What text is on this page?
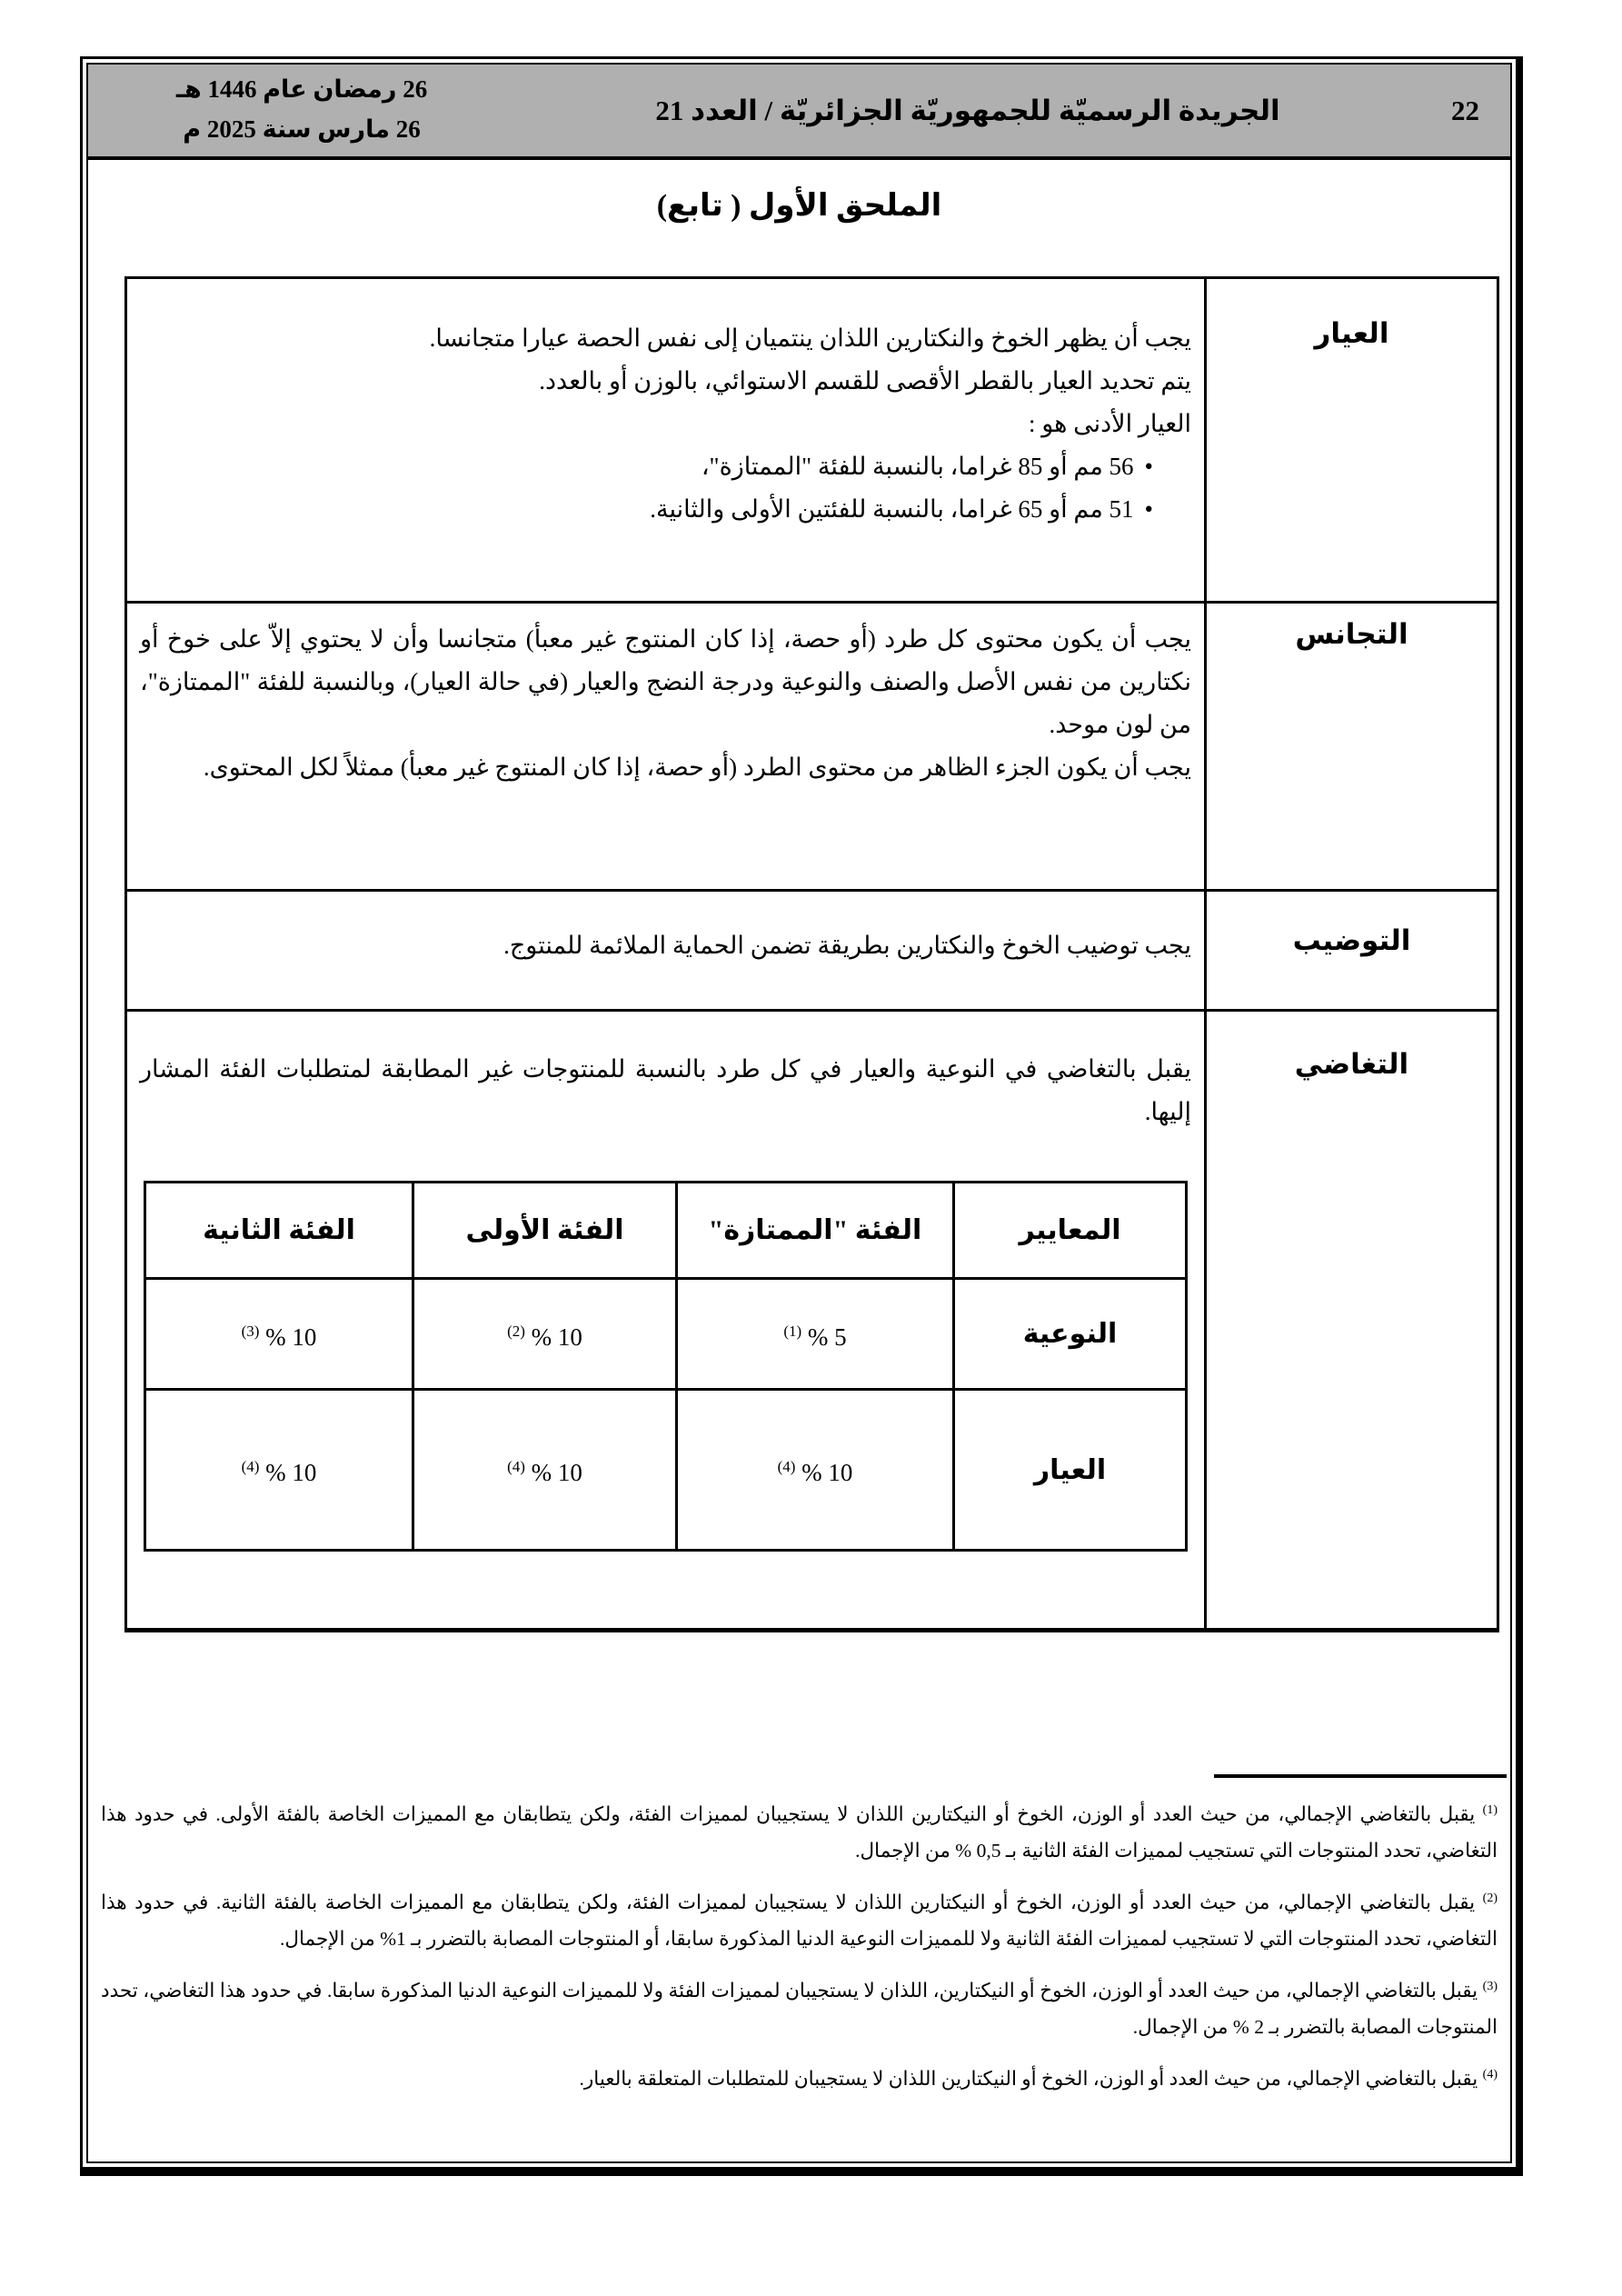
22
الجريدة الرسميّة للجمهوريّة الجزائريّة / العدد 21
26 رمضان عام 1446 هـ
26 مارس سنة 2025 م
الملحق الأول ( تابع)
العيار	

يجب أن يظهر الخوخ والنكتارين اللذان ينتميان إلى نفس الحصة عيارا متجانسا.

يتم تحديد العيار بالقطر الأقصى للقسم الاستوائي، بالوزن أو بالعدد.

العيار الأدنى هو :

•56 مم أو 85 غراما، بالنسبة للفئة "الممتازة"،
•51 مم أو 65 غراما، بالنسبة للفئتين الأولى والثانية.

التجانس	

يجب أن يكون محتوى كل طرد (أو حصة، إذا كان المنتوج غير معبأ) متجانسا وأن لا يحتوي إلاّ على خوخ أو نكتارين من نفس الأصل والصنف والنوعية ودرجة النضج والعيار (في حالة العيار)، وبالنسبة للفئة "الممتازة"، من لون موحد.

يجب أن يكون الجزء الظاهر من محتوى الطرد (أو حصة، إذا كان المنتوج غير معبأ) ممثلاً لكل المحتوى.

التوضيب	

يجب توضيب الخوخ والنكتارين بطريقة تضمن الحماية الملائمة للمنتوج.

التغاضي	

يقبل بالتغاضي في النوعية والعيار في كل طرد بالنسبة للمنتوجات غير المطابقة لمتطلبات الفئة المشار إليها.

المعايير	الفئة "الممتازة"	الفئة الأولى	الفئة الثانية
النوعية	$^{(1)}$ % 5	$^{(2)}$ % 10	$^{(3)}$ % 10
العيار	$^{(4)}$ % 10	$^{(4)}$ % 10	$^{(4)}$ % 10

$^{(1)}$ يقبل بالتغاضي الإجمالي، من حيث العدد أو الوزن، الخوخ أو النيكتارين اللذان لا يستجيبان لمميزات الفئة، ولكن يتطابقان مع المميزات الخاصة بالفئة الأولى. في حدود هذا التغاضي، تحدد المنتوجات التي تستجيب لمميزات الفئة الثانية بـ 0,5 % من الإجمال.

$^{(2)}$ يقبل بالتغاضي الإجمالي، من حيث العدد أو الوزن، الخوخ أو النيكتارين اللذان لا يستجيبان لمميزات الفئة، ولكن يتطابقان مع المميزات الخاصة بالفئة الثانية. في حدود هذا التغاضي، تحدد المنتوجات التي لا تستجيب لمميزات الفئة الثانية ولا للمميزات النوعية الدنيا المذكورة سابقا، أو المنتوجات المصابة بالتضرر بـ 1% من الإجمال.

$^{(3)}$ يقبل بالتغاضي الإجمالي، من حيث العدد أو الوزن، الخوخ أو النيكتارين، اللذان لا يستجيبان لمميزات الفئة ولا للمميزات النوعية الدنيا المذكورة سابقا. في حدود هذا التغاضي، تحدد المنتوجات المصابة بالتضرر بـ 2 % من الإجمال.

$^{(4)}$ يقبل بالتغاضي الإجمالي، من حيث العدد أو الوزن، الخوخ أو النيكتارين اللذان لا يستجيبان للمتطلبات المتعلقة بالعيار.
